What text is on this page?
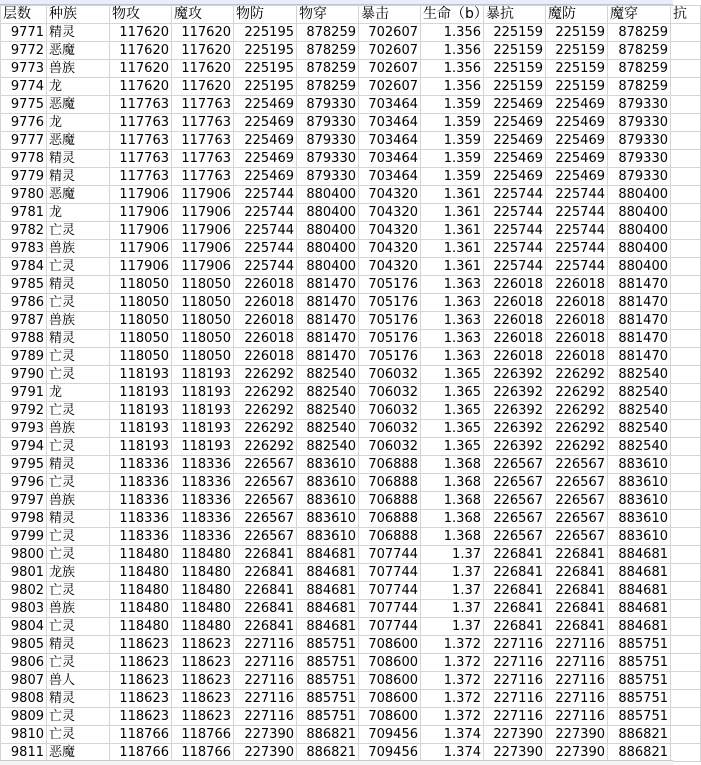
层数	种族	物攻	魔攻	物防	物穿	暴击	生命（b）	暴抗	魔防	魔穿	抗
9771	精灵	117620	117620	225195	878259	702607	1.356	225159	225159	878259	
9772	恶魔	117620	117620	225195	878259	702607	1.356	225159	225159	878259	
9773	兽族	117620	117620	225195	878259	702607	1.356	225159	225159	878259	
9774	龙	117620	117620	225195	878259	702607	1.356	225159	225159	878259	
9775	恶魔	117763	117763	225469	879330	703464	1.359	225469	225469	879330	
9776	龙	117763	117763	225469	879330	703464	1.359	225469	225469	879330	
9777	恶魔	117763	117763	225469	879330	703464	1.359	225469	225469	879330	
9778	精灵	117763	117763	225469	879330	703464	1.359	225469	225469	879330	
9779	精灵	117763	117763	225469	879330	703464	1.359	225469	225469	879330	
9780	恶魔	117906	117906	225744	880400	704320	1.361	225744	225744	880400	
9781	龙	117906	117906	225744	880400	704320	1.361	225744	225744	880400	
9782	亡灵	117906	117906	225744	880400	704320	1.361	225744	225744	880400	
9783	兽族	117906	117906	225744	880400	704320	1.361	225744	225744	880400	
9784	亡灵	117906	117906	225744	880400	704320	1.361	225744	225744	880400	
9785	精灵	118050	118050	226018	881470	705176	1.363	226018	226018	881470	
9786	亡灵	118050	118050	226018	881470	705176	1.363	226018	226018	881470	
9787	兽族	118050	118050	226018	881470	705176	1.363	226018	226018	881470	
9788	精灵	118050	118050	226018	881470	705176	1.363	226018	226018	881470	
9789	亡灵	118050	118050	226018	881470	705176	1.363	226018	226018	881470	
9790	亡灵	118193	118193	226292	882540	706032	1.365	226392	226292	882540	
9791	龙	118193	118193	226292	882540	706032	1.365	226392	226292	882540	
9792	亡灵	118193	118193	226292	882540	706032	1.365	226392	226292	882540	
9793	兽族	118193	118193	226292	882540	706032	1.365	226392	226292	882540	
9794	亡灵	118193	118193	226292	882540	706032	1.365	226392	226292	882540	
9795	精灵	118336	118336	226567	883610	706888	1.368	226567	226567	883610	
9796	亡灵	118336	118336	226567	883610	706888	1.368	226567	226567	883610	
9797	兽族	118336	118336	226567	883610	706888	1.368	226567	226567	883610	
9798	精灵	118336	118336	226567	883610	706888	1.368	226567	226567	883610	
9799	亡灵	118336	118336	226567	883610	706888	1.368	226567	226567	883610	
9800	亡灵	118480	118480	226841	884681	707744	1.37	226841	226841	884681	
9801	龙族	118480	118480	226841	884681	707744	1.37	226841	226841	884681	
9802	亡灵	118480	118480	226841	884681	707744	1.37	226841	226841	884681	
9803	兽族	118480	118480	226841	884681	707744	1.37	226841	226841	884681	
9804	亡灵	118480	118480	226841	884681	707744	1.37	226841	226841	884681	
9805	精灵	118623	118623	227116	885751	708600	1.372	227116	227116	885751	
9806	亡灵	118623	118623	227116	885751	708600	1.372	227116	227116	885751	
9807	兽人	118623	118623	227116	885751	708600	1.372	227116	227116	885751	
9808	精灵	118623	118623	227116	885751	708600	1.372	227116	227116	885751	
9809	亡灵	118623	118623	227116	885751	708600	1.372	227116	227116	885751	
9810	亡灵	118766	118766	227390	886821	709456	1.374	227390	227390	886821	
9811	恶魔	118766	118766	227390	886821	709456	1.374	227390	227390	886821	
